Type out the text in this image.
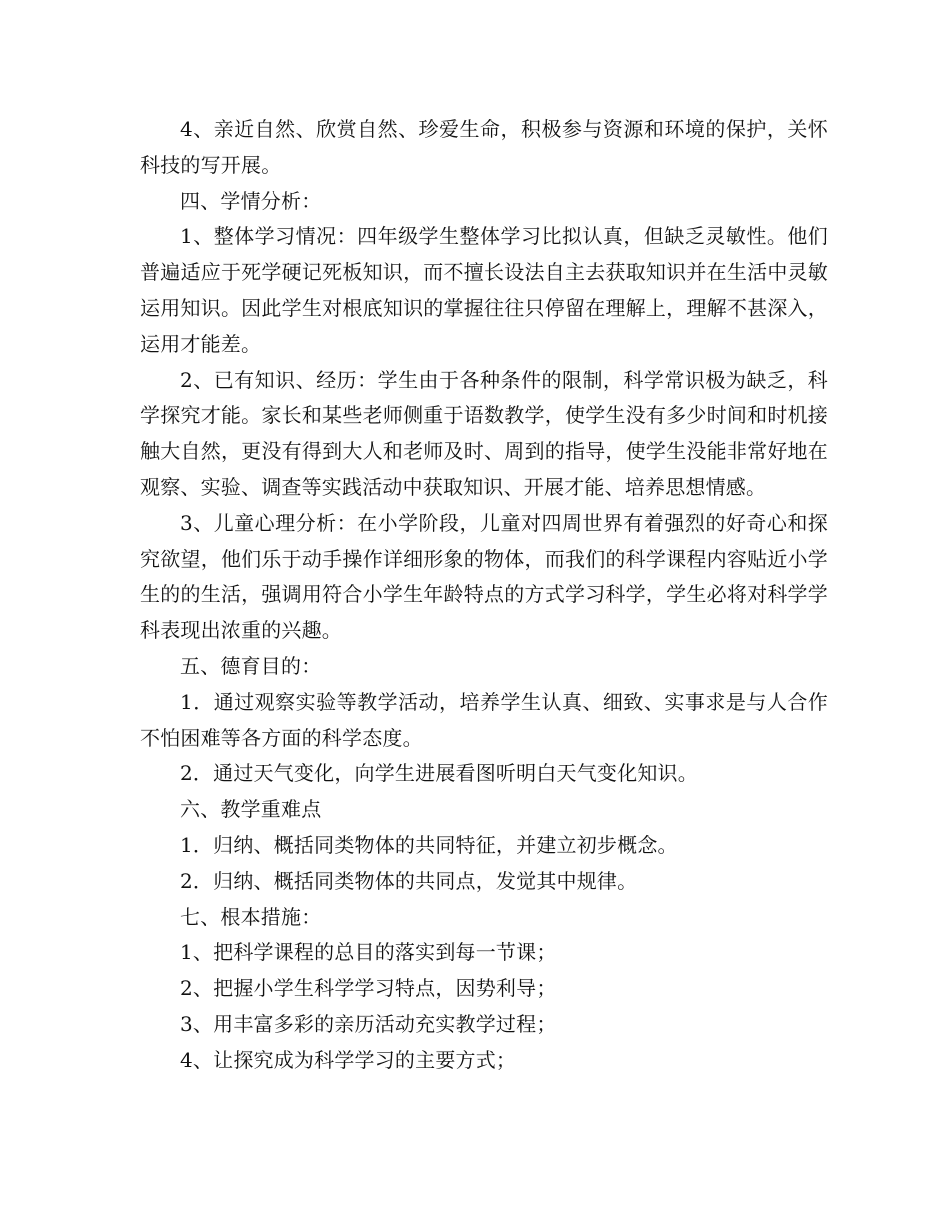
4、亲近自然、欣赏自然、珍爱生命，积极参与资源和环境的保护，关怀科技的写开展。

四、学情分析：

1、整体学习情况：四年级学生整体学习比拟认真，但缺乏灵敏性。他们普遍适应于死学硬记死板知识，而不擅长设法自主去获取知识并在生活中灵敏运用知识。因此学生对根底知识的掌握往往只停留在理解上，理解不甚深入，运用才能差。

2、已有知识、经历：学生由于各种条件的限制，科学常识极为缺乏，科学探究才能。家长和某些老师侧重于语数教学，使学生没有多少时间和时机接触大自然，更没有得到大人和老师及时、周到的指导，使学生没能非常好地在观察、实验、调查等实践活动中获取知识、开展才能、培养思想情感。

3、儿童心理分析：在小学阶段，儿童对四周世界有着强烈的好奇心和探究欲望，他们乐于动手操作详细形象的物体，而我们的科学课程内容贴近小学生的的生活，强调用符合小学生年龄特点的方式学习科学，学生必将对科学学科表现出浓重的兴趣。

五、德育目的：

1．通过观察实验等教学活动，培养学生认真、细致、实事求是与人合作不怕困难等各方面的科学态度。

2．通过天气变化，向学生进展看图听明白天气变化知识。

六、教学重难点

1．归纳、概括同类物体的共同特征，并建立初步概念。

2．归纳、概括同类物体的共同点，发觉其中规律。

七、根本措施：

1、把科学课程的总目的落实到每一节课；

2、把握小学生科学学习特点，因势利导；

3、用丰富多彩的亲历活动充实教学过程；

4、让探究成为科学学习的主要方式；
